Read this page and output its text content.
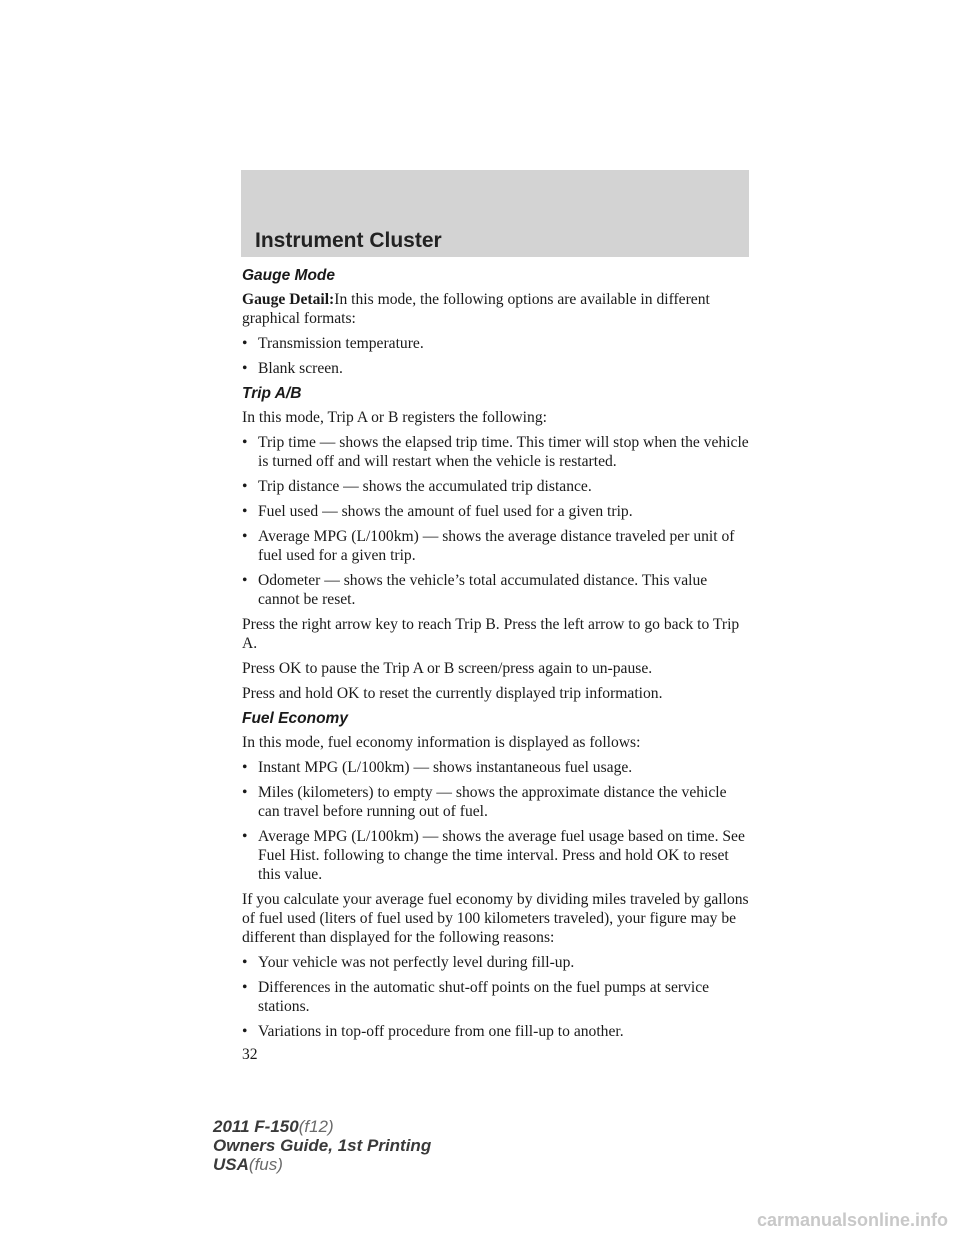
Instrument Cluster
Gauge Mode

Gauge Detail:In this mode, the following options are available in different graphical formats:

• Transmission temperature.
• Blank screen.
Trip A/B

In this mode, Trip A or B registers the following:

• Trip time — shows the elapsed trip time. This timer will stop when the vehicle is turned off and will restart when the vehicle is restarted.
• Trip distance — shows the accumulated trip distance.
• Fuel used — shows the amount of fuel used for a given trip.
• Average MPG (L/100km) — shows the average distance traveled per unit of fuel used for a given trip.
• Odometer — shows the vehicle’s total accumulated distance. This value cannot be reset.

Press the right arrow key to reach Trip B. Press the left arrow to go back to Trip A.

Press OK to pause the Trip A or B screen/press again to un-pause.

Press and hold OK to reset the currently displayed trip information.

Fuel Economy

In this mode, fuel economy information is displayed as follows:

• Instant MPG (L/100km) — shows instantaneous fuel usage.
• Miles (kilometers) to empty — shows the approximate distance the vehicle can travel before running out of fuel.
• Average MPG (L/100km) — shows the average fuel usage based on time. See Fuel Hist. following to change the time interval. Press and hold OK to reset this value.

If you calculate your average fuel economy by dividing miles traveled by gallons of fuel used (liters of fuel used by 100 kilometers traveled), your figure may be different than displayed for the following reasons:

• Your vehicle was not perfectly level during fill-up.
• Differences in the automatic shut-off points on the fuel pumps at service stations.
• Variations in top-off procedure from one fill-up to another.
32
2011 F-150(f12)
Owners Guide, 1st Printing
USA(fus)
carmanualsonline.info
